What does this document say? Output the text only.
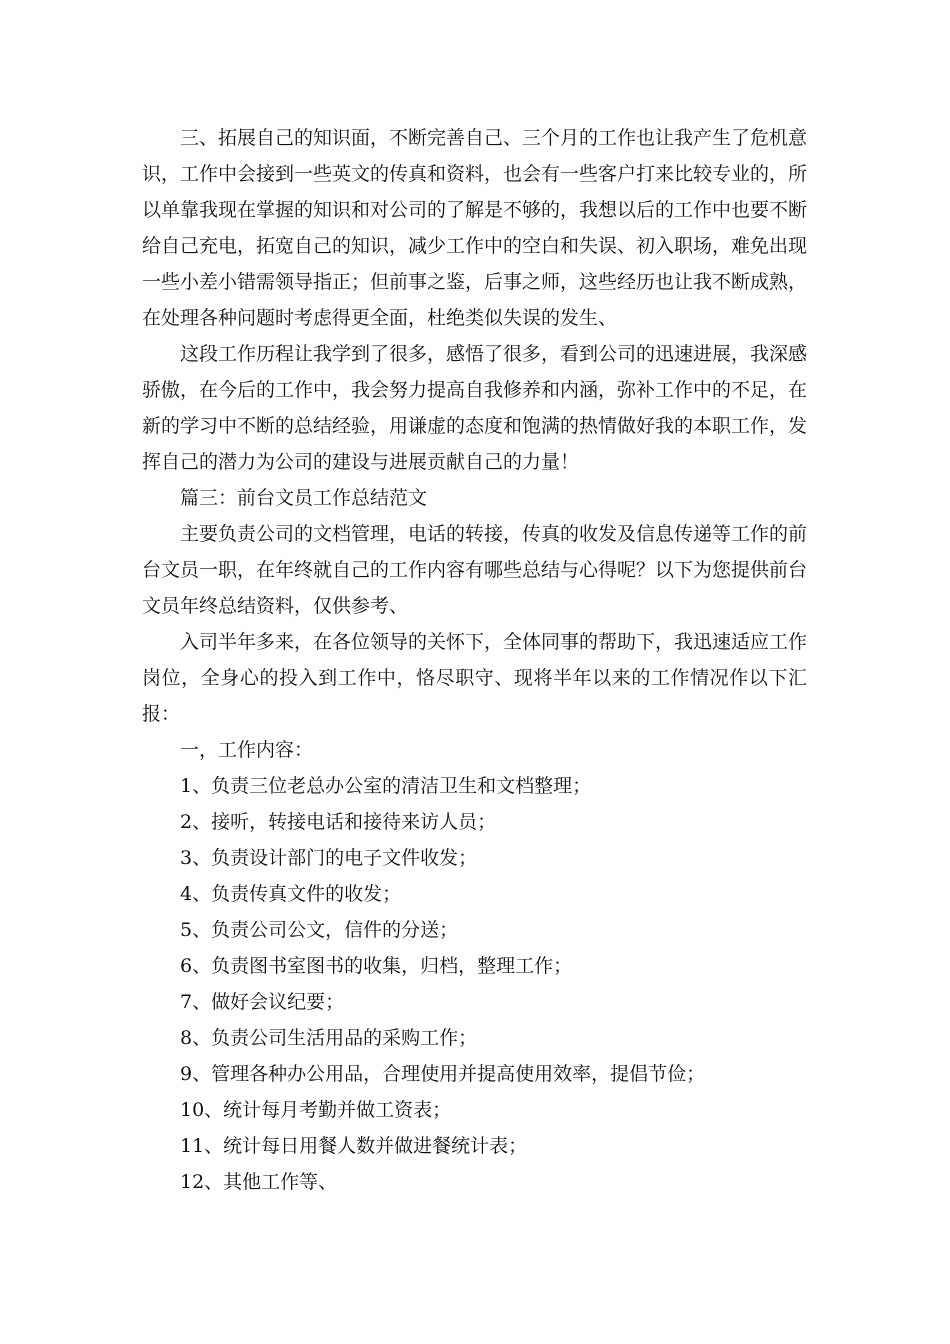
三、拓展自己的知识面，不断完善自己、三个月的工作也让我产生了危机意识，工作中会接到一些英文的传真和资料，也会有一些客户打来比较专业的，所以单靠我现在掌握的知识和对公司的了解是不够的，我想以后的工作中也要不断给自己充电，拓宽自己的知识，减少工作中的空白和失误、初入职场，难免出现一些小差小错需领导指正；但前事之鉴，后事之师，这些经历也让我不断成熟，在处理各种问题时考虑得更全面，杜绝类似失误的发生、

这段工作历程让我学到了很多，感悟了很多，看到公司的迅速进展，我深感骄傲，在今后的工作中，我会努力提高自我修养和内涵，弥补工作中的不足，在新的学习中不断的总结经验，用谦虚的态度和饱满的热情做好我的本职工作，发挥自己的潜力为公司的建设与进展贡献自己的力量！

篇三：前台文员工作总结范文

主要负责公司的文档管理，电话的转接，传真的收发及信息传递等工作的前台文员一职，在年终就自己的工作内容有哪些总结与心得呢？以下为您提供前台文员年终总结资料，仅供参考、

入司半年多来，在各位领导的关怀下，全体同事的帮助下，我迅速适应工作岗位，全身心的投入到工作中，恪尽职守、现将半年以来的工作情况作以下汇报：

一，工作内容：

1、负责三位老总办公室的清洁卫生和文档整理；

2、接听，转接电话和接待来访人员；

3、负责设计部门的电子文件收发；

4、负责传真文件的收发；

5、负责公司公文，信件的分送；

6、负责图书室图书的收集，归档，整理工作；

7、做好会议纪要；

8、负责公司生活用品的采购工作；

9、管理各种办公用品，合理使用并提高使用效率，提倡节俭；

10、统计每月考勤并做工资表；

11、统计每日用餐人数并做进餐统计表；

12、其他工作等、
